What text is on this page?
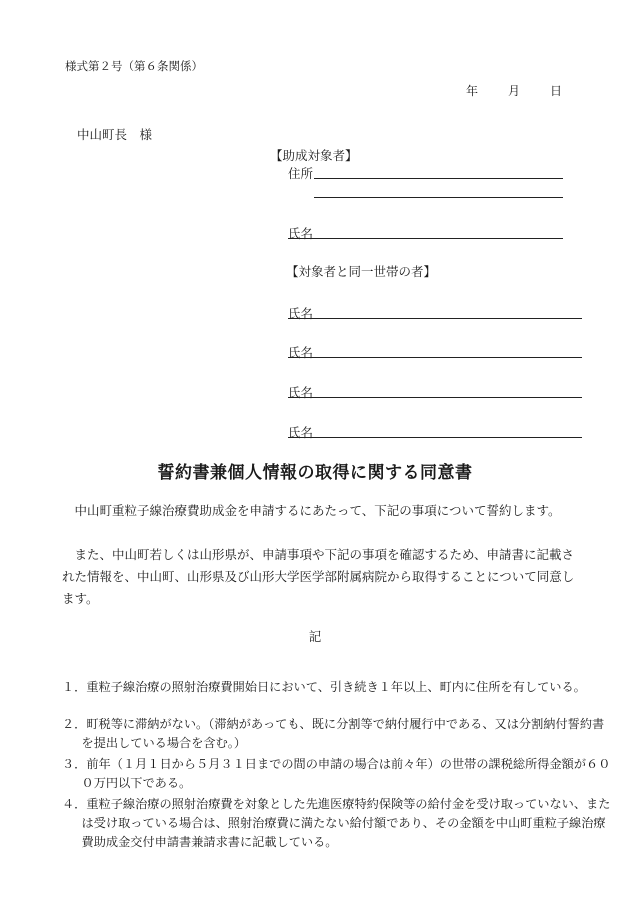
様式第２号（第６条関係）
年 月 日
中山町長　様
【助成対象者】
住所
氏名
【対象者と同一世帯の者】
氏名
氏名
氏名
氏名
誓約書兼個人情報の取得に関する同意書
中山町重粒子線治療費助成金を申請するにあたって、下記の事項について誓約します。
また、中山町若しくは山形県が、申請事項や下記の事項を確認するため、申請書に記載された情報を、中山町、山形県及び山形大学医学部附属病院から取得することについて同意します。
記
１．重粒子線治療の照射治療費開始日において、引き続き１年以上、町内に住所を有している。
２．町税等に滞納がない。（滞納があっても、既に分割等で納付履行中である、又は分割納付誓約書を提出している場合を含む。）
３．前年（１月１日から５月３１日までの間の申請の場合は前々年）の世帯の課税総所得金額が６００万円以下である。
４．重粒子線治療の照射治療費を対象とした先進医療特約保険等の給付金を受け取っていない、または受け取っている場合は、照射治療費に満たない給付額であり、その金額を中山町重粒子線治療費助成金交付申請書兼請求書に記載している。
